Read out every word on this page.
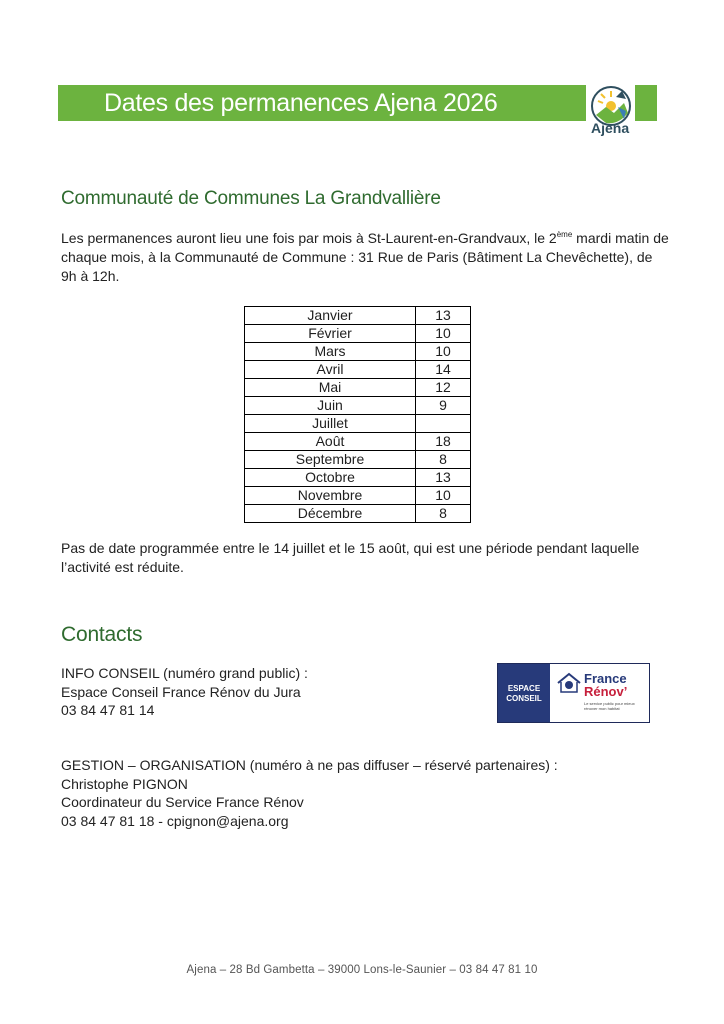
Dates des permanences Ajena 2026
Ajena
Communauté de Communes La Grandvallière

Les permanences auront lieu une fois par mois à St-Laurent-en-Grandvaux, le 2ème mardi matin de chaque mois, à la Communauté de Commune : 31 Rue de Paris (Bâtiment La Chevêchette), de 9h à 12h.

Janvier	13
Février	10
Mars	10
Avril	14
Mai	12
Juin	9
Juillet	
Août	18
Septembre	8
Octobre	13
Novembre	10
Décembre	8
Pas de date programmée entre le 14 juillet et le 15 août, qui est une période pendant laquelle l’activité est réduite.
Contacts
INFO CONSEIL (numéro grand public) :
Espace Conseil France Rénov du Jura
03 84 47 81 14
ESPACE
CONSEIL
France
Rénov’
Le service public pour mieux rénover mon habitat
GESTION – ORGANISATION (numéro à ne pas diffuser – réservé partenaires) :
Christophe PIGNON
Coordinateur du Service France Rénov
03 84 47 81 18 - cpignon@ajena.org
Ajena – 28 Bd Gambetta – 39000 Lons-le-Saunier – 03 84 47 81 10
